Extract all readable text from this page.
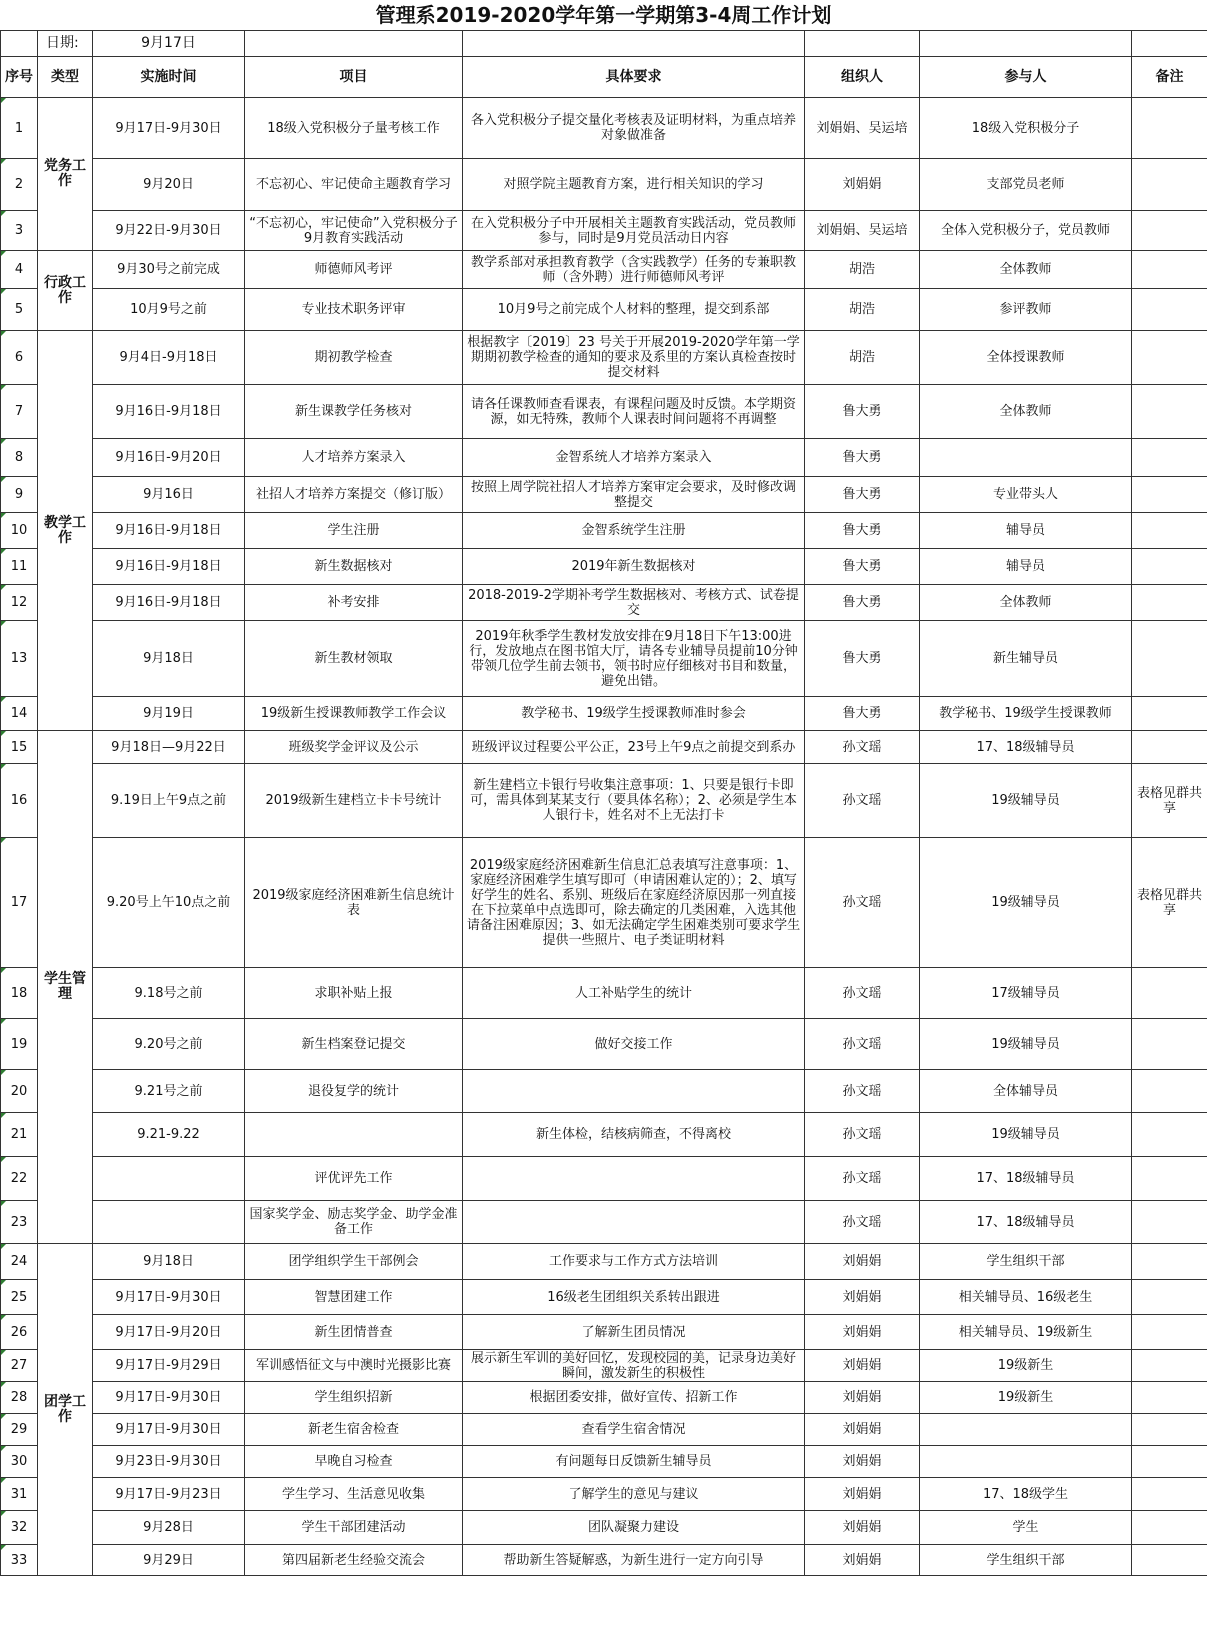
管理系2019-2020学年第一学期第3-4周工作计划
	日期:	9月17日					
序号	类型	实施时间	项目	具体要求	组织人	参与人	备注
1	党务工作	9月17日-9月30日	18级入党积极分子量考核工作	各入党积极分子提交量化考核表及证明材料，为重点培养对象做准备	刘娟娟、吴运培	18级入党积极分子	
2		9月20日	不忘初心、牢记使命主题教育学习	对照学院主题教育方案，进行相关知识的学习	刘娟娟	支部党员老师	
3		9月22日-9月30日	“不忘初心，牢记使命”入党积极分子9月教育实践活动	在入党积极分子中开展相关主题教育实践活动，党员教师参与，同时是9月党员活动日内容	刘娟娟、吴运培	全体入党积极分子，党员教师	
4	行政工作	9月30号之前完成	师德师风考评	教学系部对承担教育教学（含实践教学）任务的专兼职教师（含外聘）进行师德师风考评	胡浩	全体教师	
5		10月9号之前	专业技术职务评审	10月9号之前完成个人材料的整理，提交到系部	胡浩	参评教师	
6	教学工作	9月4日-9月18日	期初教学检查	根据教字〔2019〕23 号关于开展2019-2020学年第一学期期初教学检查的通知的要求及系里的方案认真检查按时提交材料	胡浩	全体授课教师	
7		9月16日-9月18日	新生课教学任务核对	请各任课教师查看课表，有课程问题及时反馈。本学期资源，如无特殊，教师个人课表时间问题将不再调整	鲁大勇	全体教师	
8		9月16日-9月20日	人才培养方案录入	金智系统人才培养方案录入	鲁大勇		
9		9月16日	社招人才培养方案提交（修订版）	按照上周学院社招人才培养方案审定会要求，及时修改调整提交	鲁大勇	专业带头人	
10		9月16日-9月18日	学生注册	金智系统学生注册	鲁大勇	辅导员	
11		9月16日-9月18日	新生数据核对	2019年新生数据核对	鲁大勇	辅导员	
12		9月16日-9月18日	补考安排	2018-2019-2学期补考学生数据核对、考核方式、试卷提交	鲁大勇	全体教师	
13		9月18日	新生教材领取	2019年秋季学生教材发放安排在9月18日下午13:00进行，发放地点在图书馆大厅，请各专业辅导员提前10分钟带领几位学生前去领书，领书时应仔细核对书目和数量，避免出错。	鲁大勇	新生辅导员	
14		9月19日	19级新生授课教师教学工作会议	教学秘书、19级学生授课教师准时参会	鲁大勇	教学秘书、19级学生授课教师	
15	学生管理	9月18日—9月22日	班级奖学金评议及公示	班级评议过程要公平公正，23号上午9点之前提交到系办	孙文瑶	17、18级辅导员	
16		9.19日上午9点之前	2019级新生建档立卡卡号统计	新生建档立卡银行号收集注意事项：1、只要是银行卡即可，需具体到某某支行（要具体名称）；2、必须是学生本人银行卡，姓名对不上无法打卡	孙文瑶	19级辅导员	表格见群共享
17		9.20号上午10点之前	2019级家庭经济困难新生信息统计表	2019级家庭经济困难新生信息汇总表填写注意事项：1、家庭经济困难学生填写即可（申请困难认定的）；2、填写好学生的姓名、系别、班级后在家庭经济原因那一列直接在下拉菜单中点选即可，除去确定的几类困难，入选其他请备注困难原因；3、如无法确定学生困难类别可要求学生提供一些照片、电子类证明材料	孙文瑶	19级辅导员	表格见群共享
18		9.18号之前	求职补贴上报	人工补贴学生的统计	孙文瑶	17级辅导员	
19		9.20号之前	新生档案登记提交	做好交接工作	孙文瑶	19级辅导员	
20		9.21号之前	退役复学的统计		孙文瑶	全体辅导员	
21		9.21-9.22		新生体检，结核病筛查，不得离校	孙文瑶	19级辅导员	
22			评优评先工作		孙文瑶	17、18级辅导员	
23			国家奖学金、励志奖学金、助学金准备工作		孙文瑶	17、18级辅导员	
24	团学工作	9月18日	团学组织学生干部例会	工作要求与工作方式方法培训	刘娟娟	学生组织干部	
25		9月17日-9月30日	智慧团建工作	16级老生团组织关系转出跟进	刘娟娟	相关辅导员、16级老生	
26		9月17日-9月20日	新生团情普查	了解新生团员情况	刘娟娟	相关辅导员、19级新生	
27		9月17日-9月29日	军训感悟征文与中澳时光摄影比赛	展示新生军训的美好回忆，发现校园的美，记录身边美好瞬间，激发新生的积极性	刘娟娟	19级新生	
28		9月17日-9月30日	学生组织招新	根据团委安排，做好宣传、招新工作	刘娟娟	19级新生	
29		9月17日-9月30日	新老生宿舍检查	查看学生宿舍情况	刘娟娟		
30		9月23日-9月30日	早晚自习检查	有问题每日反馈新生辅导员	刘娟娟		
31		9月17日-9月23日	学生学习、生活意见收集	了解学生的意见与建议	刘娟娟	17、18级学生	
32		9月28日	学生干部团建活动	团队凝聚力建设	刘娟娟	学生	
33		9月29日	第四届新老生经验交流会	帮助新生答疑解惑，为新生进行一定方向引导	刘娟娟	学生组织干部	
